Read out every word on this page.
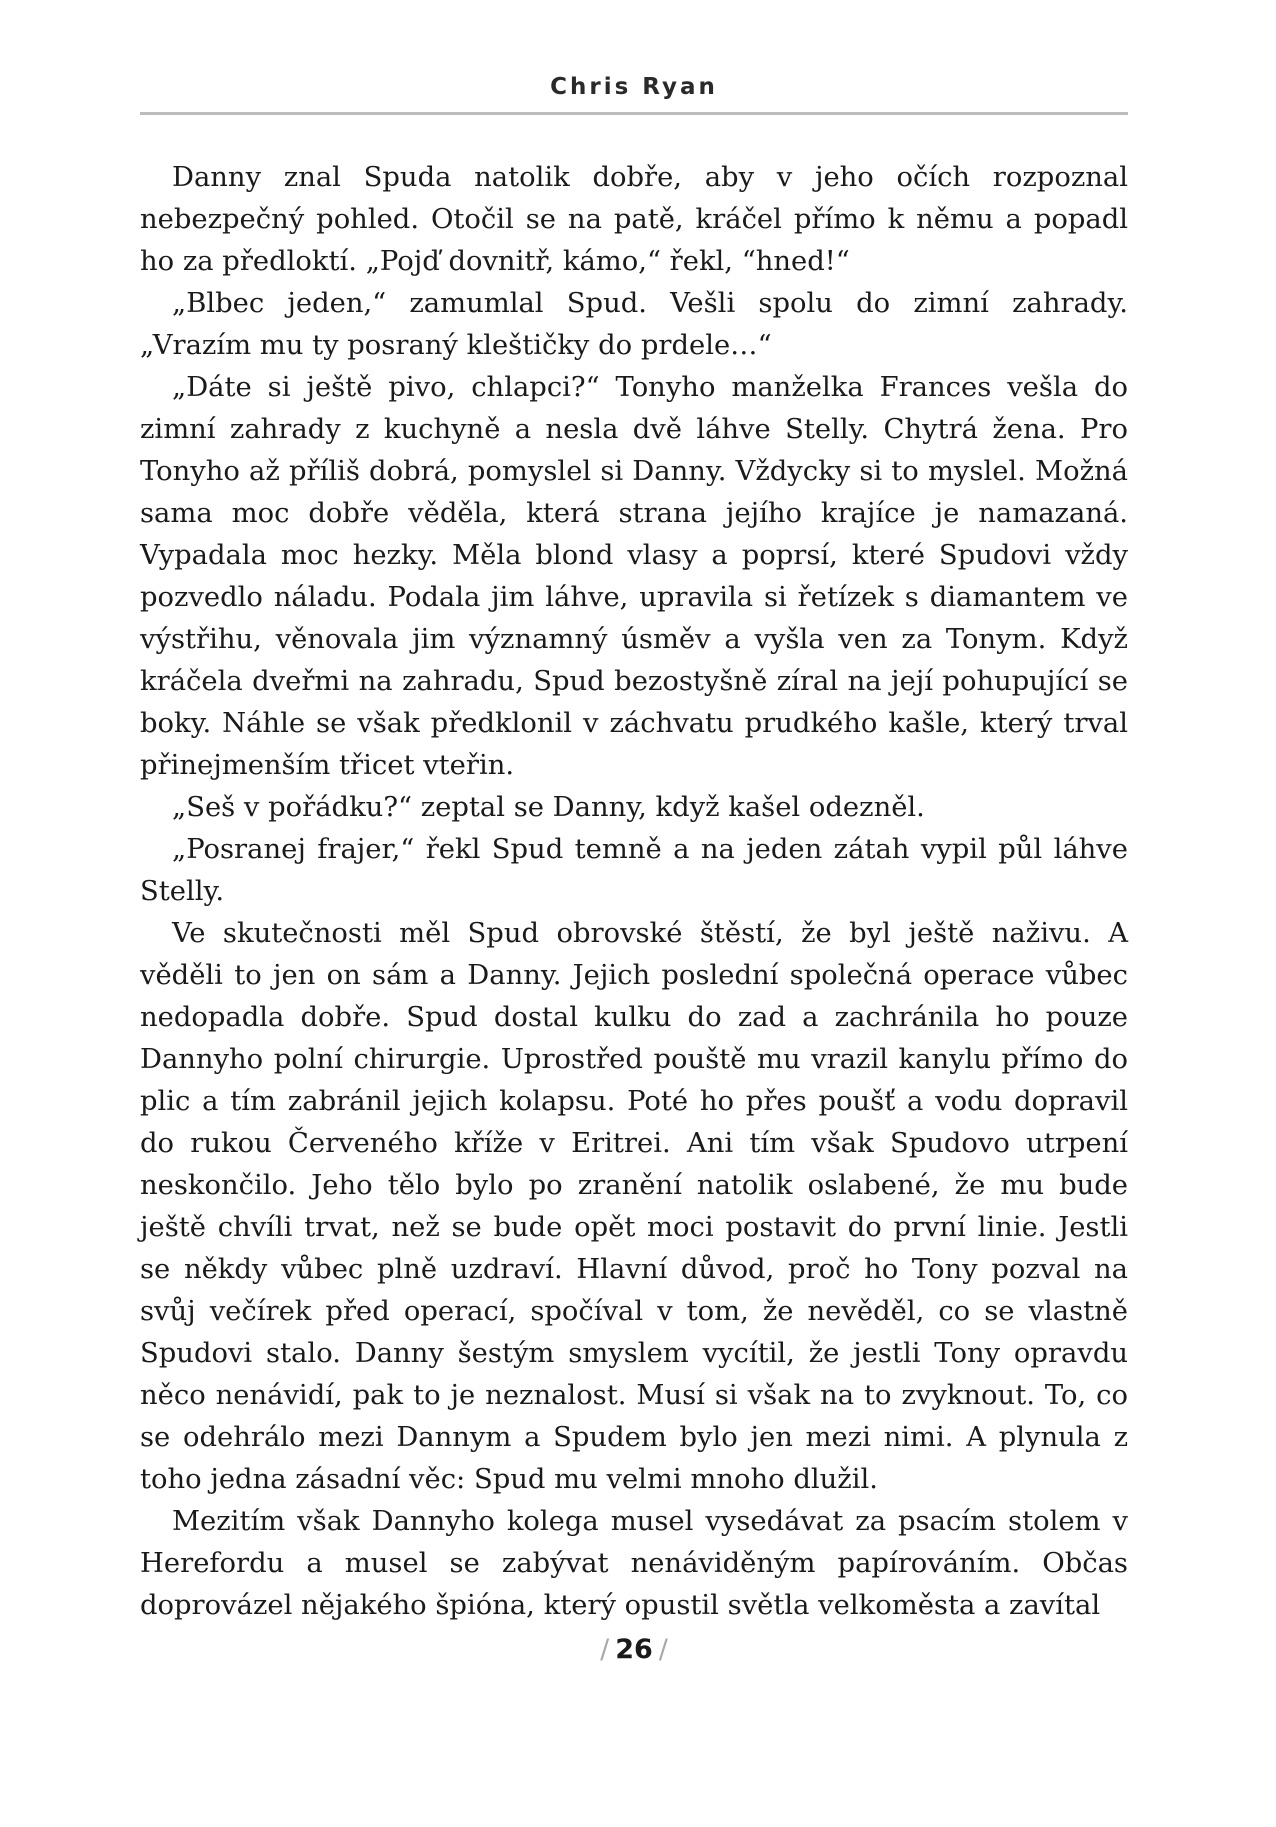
Chris Ryan

Danny znal Spuda natolik dobře, aby v jeho očích rozpoznal nebezpečný pohled. Otočil se na patě, kráčel přímo k němu a popadl ho za předloktí. „Pojď dovnitř, kámo,“ řekl, “hned!“

„Blbec jeden,“ zamumlal Spud. Vešli spolu do zimní zahrady. „Vrazím mu ty posraný kleštičky do prdele…“

„Dáte si ještě pivo, chlapci?“ Tonyho manželka Frances vešla do zimní zahrady z kuchyně a nesla dvě láhve Stelly. Chytrá žena. Pro Tonyho až příliš dobrá, pomyslel si Danny. Vždycky si to myslel. Možná sama moc dobře věděla, která strana jejího krajíce je namazaná. Vypadala moc hezky. Měla blond vlasy a poprsí, které Spudovi vždy pozvedlo náladu. Podala jim láhve, upravila si řetízek s diamantem ve výstřihu, věnovala jim významný úsměv a vyšla ven za Tonym. Když kráčela dveřmi na zahradu, Spud bezostyšně zíral na její pohupující se boky. Náhle se však předklonil v záchvatu prudkého kašle, který trval přinejmenším třicet vteřin.

„Seš v pořádku?“ zeptal se Danny, když kašel odezněl.

„Posranej frajer,“ řekl Spud temně a na jeden zátah vypil půl láhve Stelly.

Ve skutečnosti měl Spud obrovské štěstí, že byl ještě naživu. A věděli to jen on sám a Danny. Jejich poslední společná operace vůbec nedopadla dobře. Spud dostal kulku do zad a zachránila ho pouze Dannyho polní chirurgie. Uprostřed pouště mu vrazil kanylu přímo do plic a tím zabránil jejich kolapsu. Poté ho přes poušť a vodu dopravil do rukou Červeného kříže v Eritrei. Ani tím však Spudovo utrpení neskončilo. Jeho tělo bylo po zranění natolik oslabené, že mu bude ještě chvíli trvat, než se bude opět moci postavit do první linie. Jestli se někdy vůbec plně uzdraví. Hlavní důvod, proč ho Tony pozval na svůj večírek před operací, spočíval v tom, že nevěděl, co se vlastně Spudovi stalo. Danny šestým smyslem vycítil, že jestli Tony opravdu něco nenávidí, pak to je neznalost. Musí si však na to zvyknout. To, co se odehrálo mezi Dannym a Spudem bylo jen mezi nimi. A plynula z toho jedna zásadní věc: Spud mu velmi mnoho dlužil.

Mezitím však Dannyho kolega musel vysedávat za psacím stolem v Herefordu a musel se zabývat nenáviděným papírováním. Občas doprovázel nějakého špióna, který opustil světla velkoměsta a zavítal

/ 26 /
